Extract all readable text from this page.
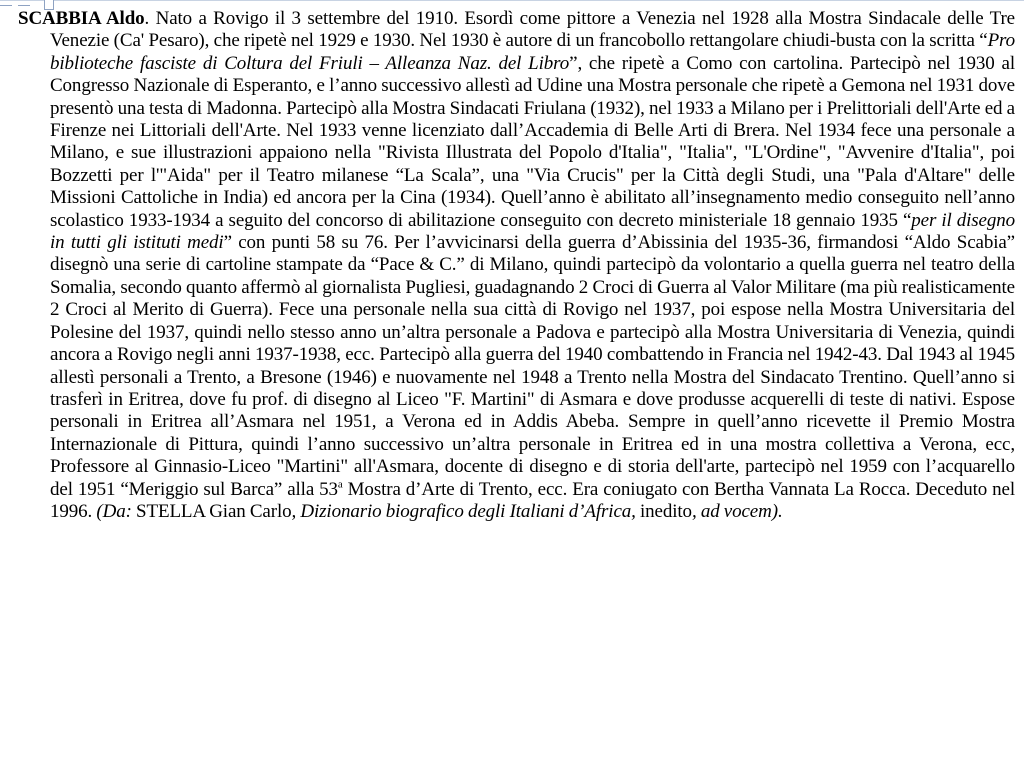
SCABBIA Aldo. Nato a Rovigo il 3 settembre del 1910. Esordì come pittore a Venezia nel 1928 alla Mostra Sindacale delle Tre Venezie (Ca' Pesaro), che ripetè nel 1929 e 1930. Nel 1930 è autore di un francobollo rettangolare chiudi-busta con la scritta “Pro biblioteche fasciste di Coltura del Friuli – Alleanza Naz. del Libro”, che ripetè a Como con cartolina. Partecipò nel 1930 al Congresso Nazionale di Esperanto, e l’anno successivo allestì ad Udine una Mostra personale che ripetè a Gemona nel 1931 dove presentò una testa di Madonna. Partecipò alla Mostra Sindacati Friulana (1932), nel 1933 a Milano per i Prelittoriali dell'Arte ed a Firenze nei Littoriali dell'Arte. Nel 1933 venne licenziato dall’Accademia di Belle Arti di Brera. Nel 1934 fece una personale a Milano, e sue illustrazioni appaiono nella "Rivista Illustrata del Popolo d'Italia", "Italia", "L'Ordine", "Avvenire d'Italia", poi Bozzetti per l'"Aida" per il Teatro milanese “La Scala”, una "Via Crucis" per la Città degli Studi, una "Pala d'Altare" delle Missioni Cattoliche in India) ed ancora per la Cina (1934). Quell’anno è abilitato all’insegnamento medio conseguito nell’anno scolastico 1933-1934 a seguito del concorso di abilitazione conseguito con decreto ministeriale 18 gennaio 1935 “per il disegno in tutti gli istituti medi” con punti 58 su 76. Per l’avvicinarsi della guerra d’Abissinia del 1935-36, firmandosi “Aldo Scabia” disegnò una serie di cartoline stampate da “Pace & C.” di Milano, quindi partecipò da volontario a quella guerra nel teatro della Somalia, secondo quanto affermò al giornalista Pugliesi, guadagnando 2 Croci di Guerra al Valor Militare (ma più realisticamente 2 Croci al Merito di Guerra). Fece una personale nella sua città di Rovigo nel 1937, poi espose nella Mostra Universitaria del Polesine del 1937, quindi nello stesso anno un’altra personale a Padova e partecipò alla Mostra Universitaria di Venezia, quindi ancora a Rovigo negli anni 1937-1938, ecc. Partecipò alla guerra del 1940 combattendo in Francia nel 1942-43. Dal 1943 al 1945 allestì personali a Trento, a Bresone (1946) e nuovamente nel 1948 a Trento nella Mostra del Sindacato Trentino. Quell’anno si trasferì in Eritrea, dove fu prof. di disegno al Liceo "F. Martini" di Asmara e dove produsse acquerelli di teste di nativi. Espose personali in Eritrea all’Asmara nel 1951, a Verona ed in Addis Abeba. Sempre in quell’anno ricevette il Premio Mostra Internazionale di Pittura, quindi l’anno successivo un’altra personale in Eritrea ed in una mostra collettiva a Verona, ecc, Professore al Ginnasio-Liceo "Martini" all'Asmara, docente di disegno e di storia dell'arte, partecipò nel 1959 con l’acquarello del 1951 “Meriggio sul Barca” alla 53$^a$ Mostra d’Arte di Trento, ecc. Era coniugato con Bertha Vannata La Rocca. Deceduto nel 1996. (Da: STELLA Gian Carlo, Dizionario biografico degli Italiani d’Africa, inedito, ad vocem).
